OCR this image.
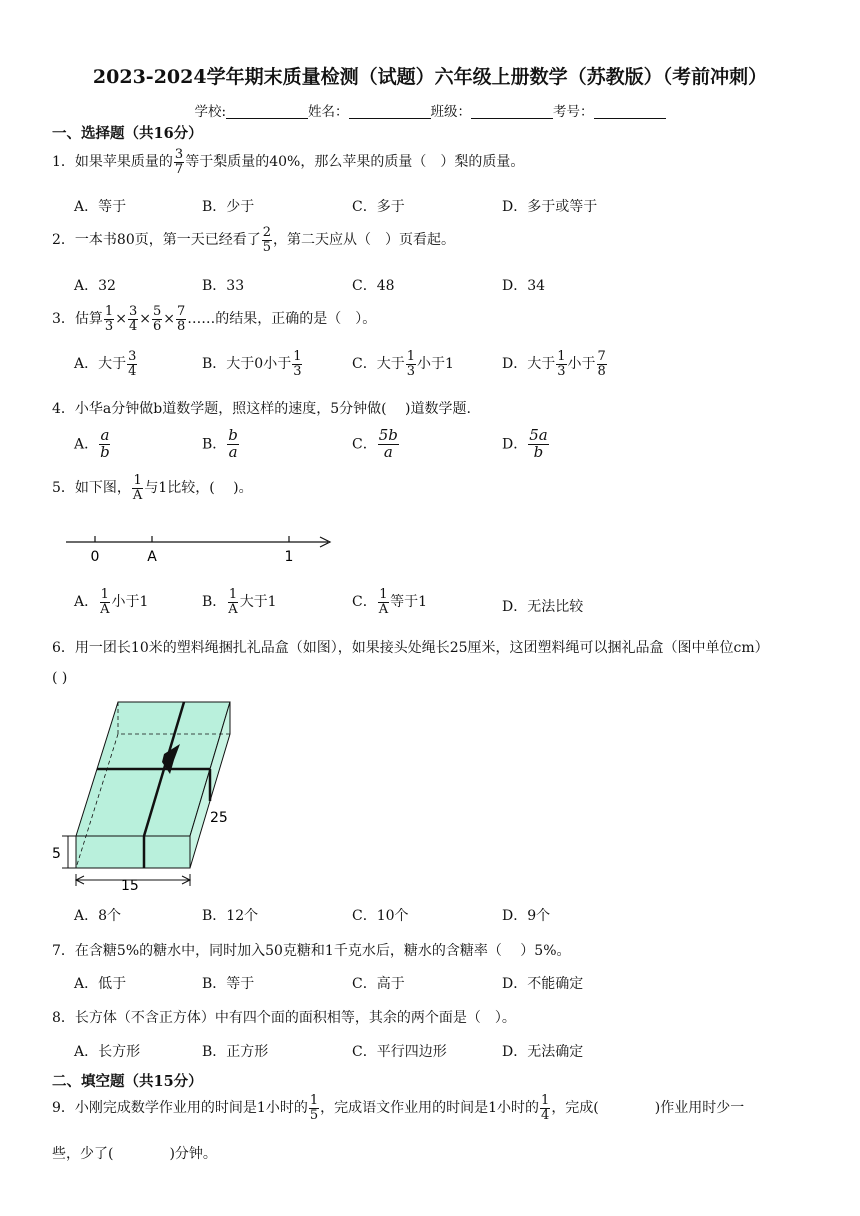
2023-2024学年期末质量检测（试题）六年级上册数学（苏教版）（考前冲刺）
学校:	姓名：	班级：	考号：
一、选择题（共16分）
1．如果苹果质量的 $\frac{3}{7}$ 等于梨质量的40%，那么苹果的质量（　）梨的质量。
A．等于	B．少于	C．多于	D．多于或等于
2．一本书80页，第一天已经看了 $\frac{2}{5}$ ，第二天应从（　）页看起。
A．32	B．33	C．48	D．34
3．估算 $\frac{1}{3} \times \frac{3}{4} \times \frac{5}{6} \times \frac{7}{8}$ ……的结果，正确的是（　）。
A．大于 $\frac{3}{4}$	B．大于0小于 $\frac{1}{3}$	C．大于 $\frac{1}{3}$ 小于1	D．大于 $\frac{1}{3}$ 小于 $\frac{7}{8}$
4．小华a分钟做b道数学题，照这样的速度，5分钟做(　 )道数学题.
A． $\frac{a}{b}$	B． $\frac{b}{a}$	C． $\frac{5b}{a}$	D． $\frac{5a}{b}$
5．如下图， $\frac{1}{A}$ 与1比较，(　 )。
0	A	1
A． $\frac{1}{A}$ 小于1	B． $\frac{1}{A}$ 大于1	C． $\frac{1}{A}$ 等于1	D．无法比较
6．用一团长10米的塑料绳捆扎礼品盒（如图），如果接头处绳长25厘米，这团塑料绳可以捆礼品盒（图中单位cm）
( )
25
5
15
A．8个	B．12个	C．10个	D．9个
7．在含糖5%的糖水中，同时加入50克糖和1千克水后，糖水的含糖率（　 ）5%。
A．低于	B．等于	C．高于	D．不能确定
8．长方体（不含正方体）中有四个面的面积相等，其余的两个面是（　）。
A．长方形	B．正方形	C．平行四边形	D．无法确定
二、填空题（共15分）
9．小刚完成数学作业用的时间是1小时的 $\frac{1}{5}$ ，完成语文作业用的时间是1小时的 $\frac{1}{4}$ ，完成(　　　　)作业用时少一
些，少了(　　　　)分钟。
